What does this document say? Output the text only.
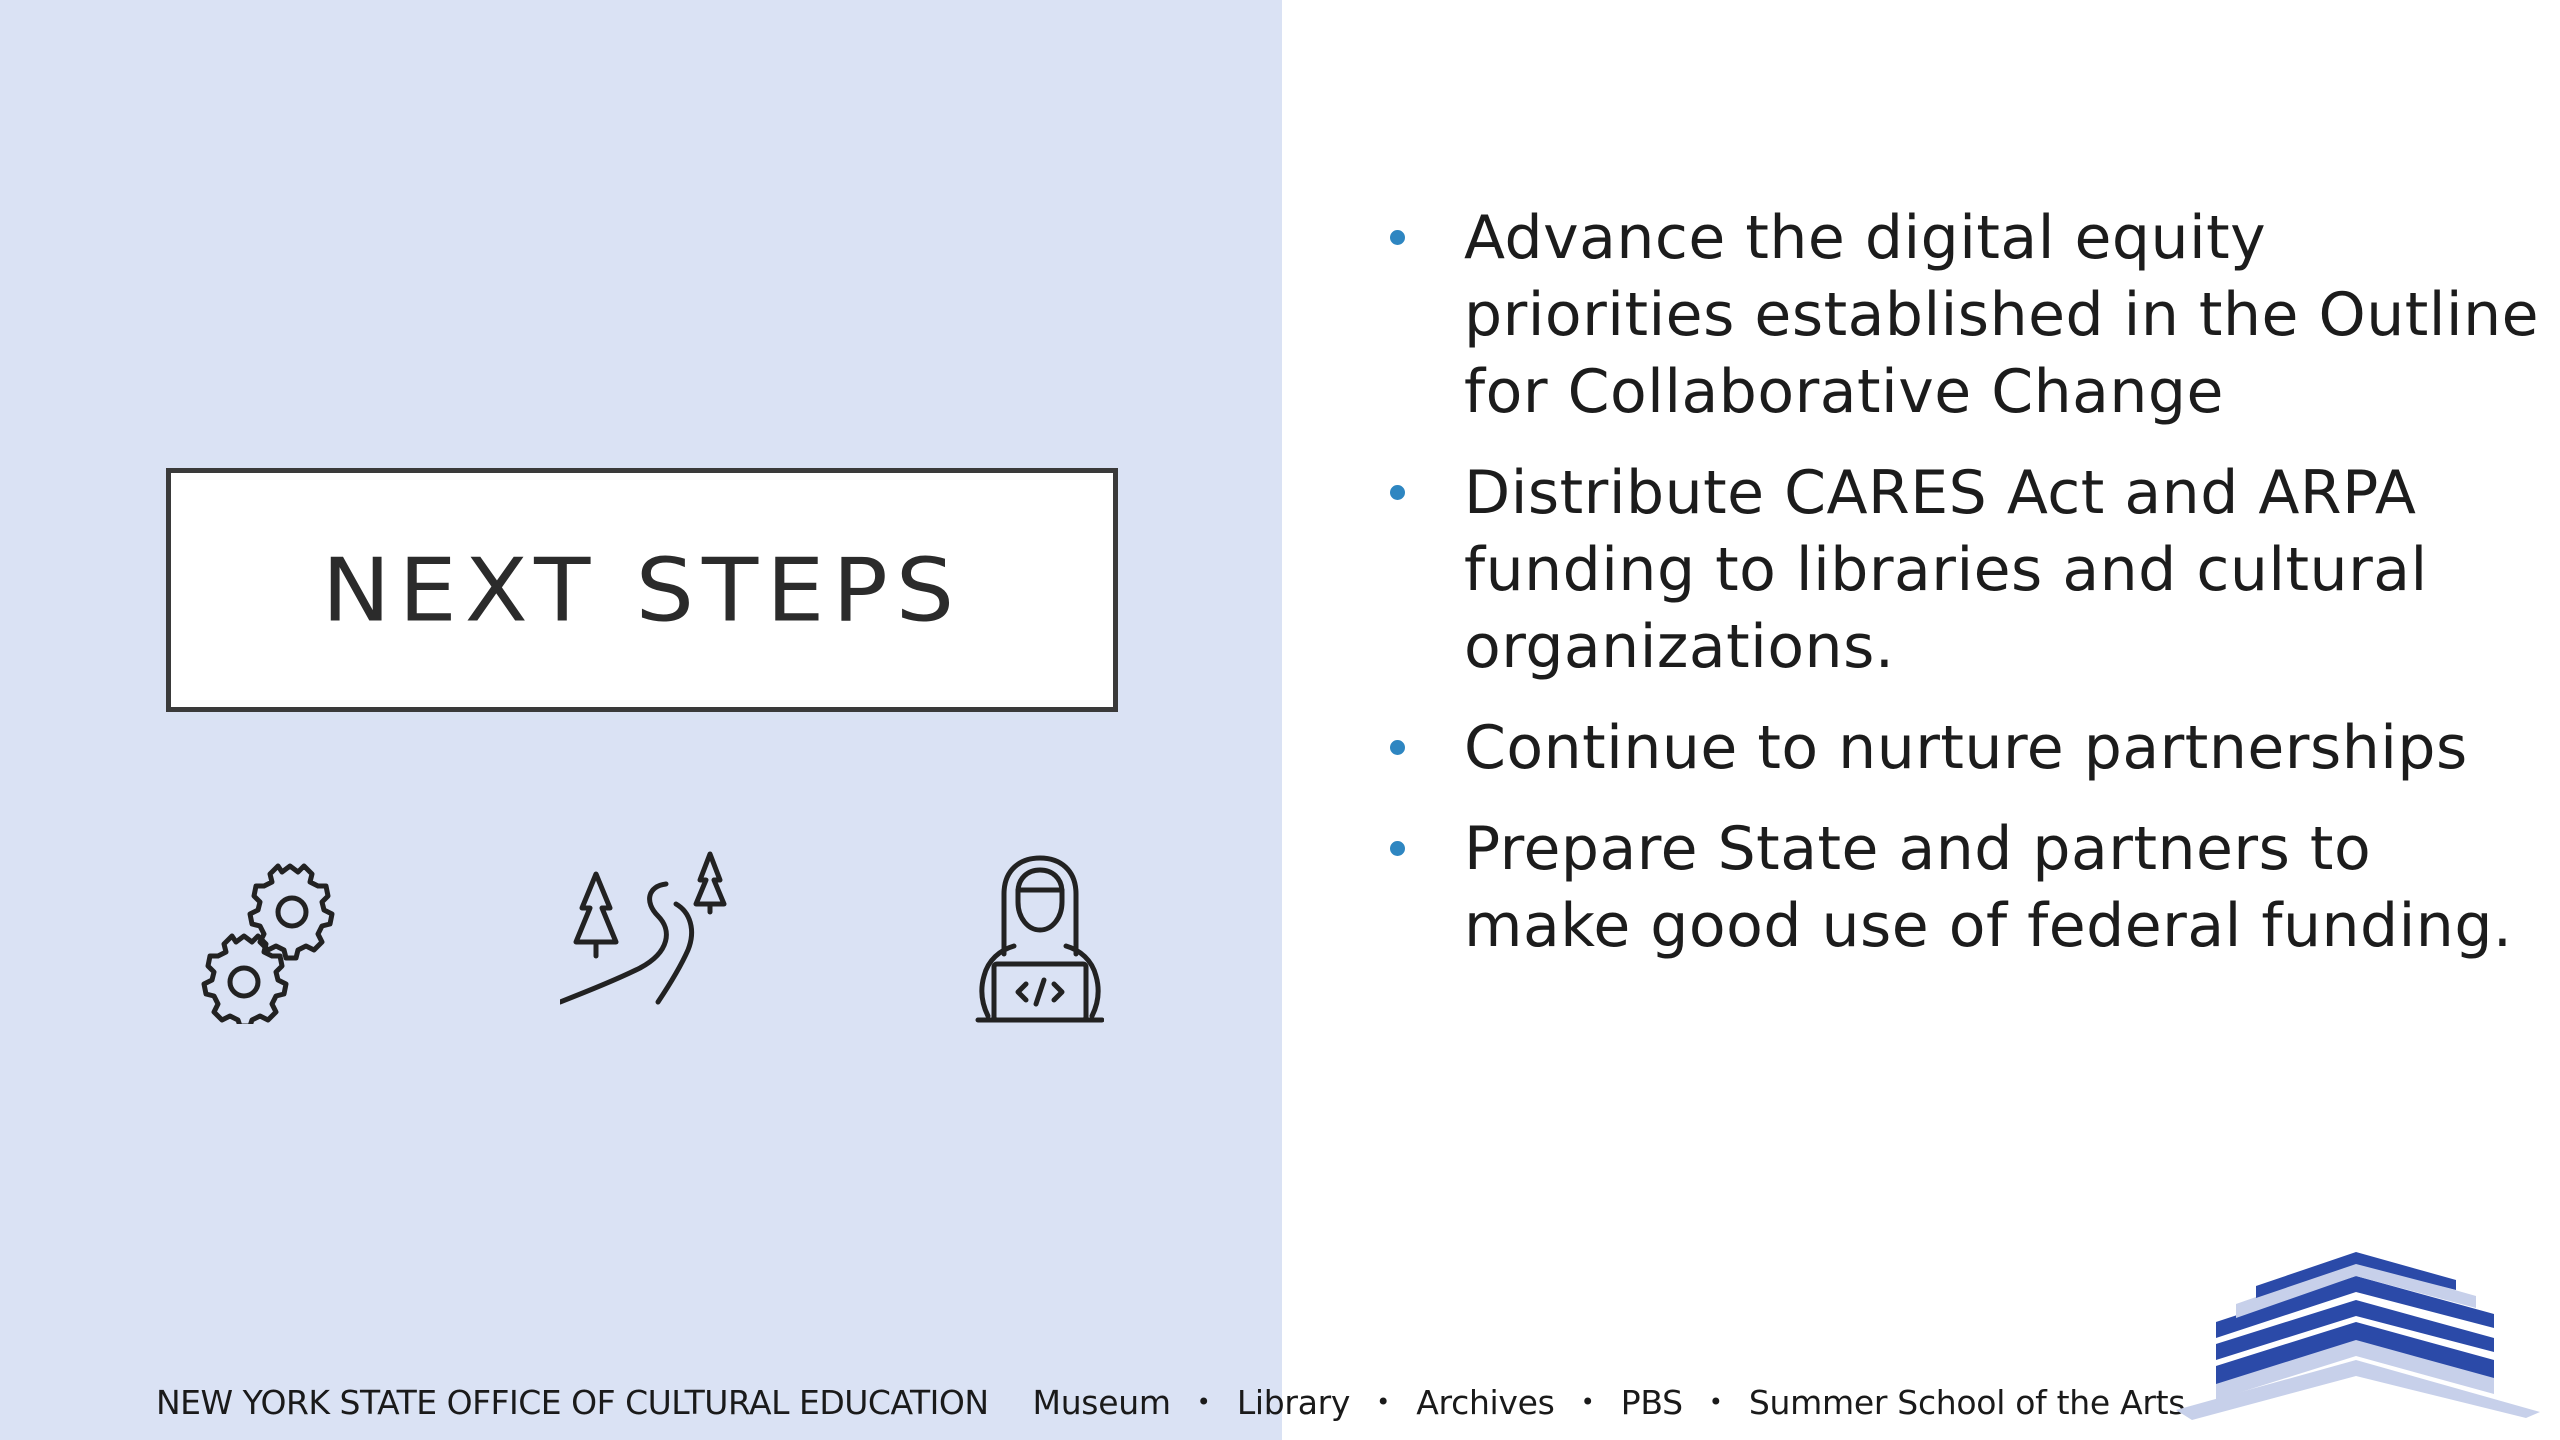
NEXT STEPS
Advance the digital equity priorities established in the Outline for Collaborative Change
Distribute CARES Act and ARPA funding to libraries and cultural organizations.
Continue to nurture partnerships
Prepare State and partners to make good use of federal funding.
NEW YORK STATE OFFICE OF CULTURAL EDUCATION Museum • Library • Archives • PBS • Summer School of the Arts
